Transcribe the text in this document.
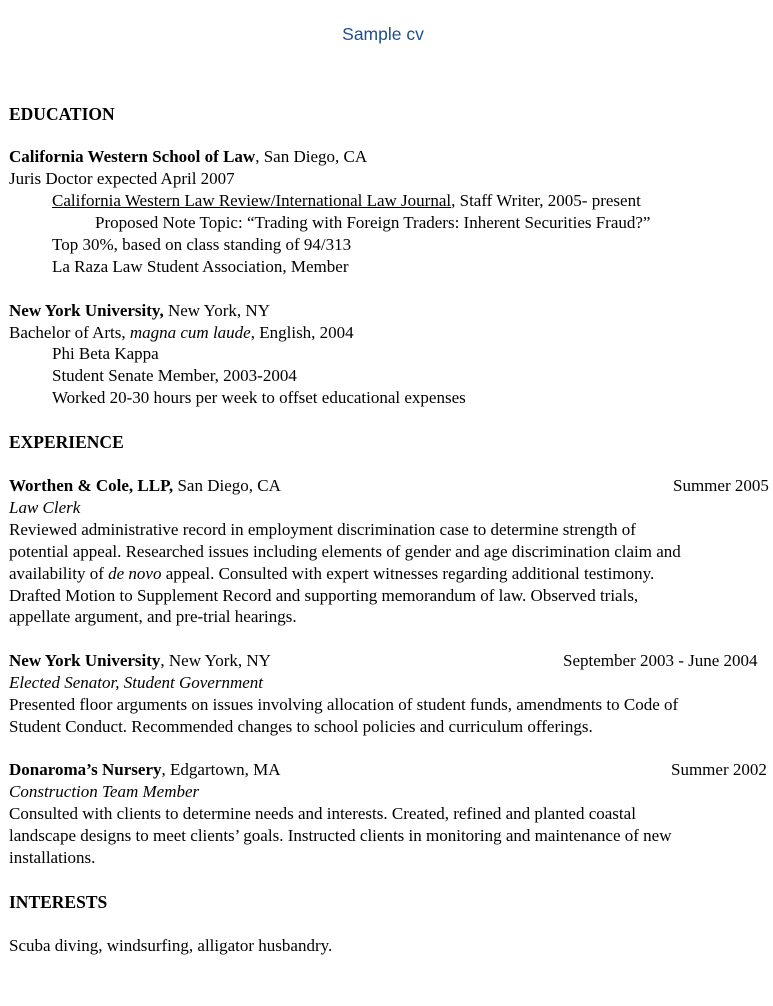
Sample cv
EDUCATION
California Western School of Law, San Diego, CA
Juris Doctor expected April 2007
California Western Law Review/International Law Journal, Staff Writer, 2005- present
Proposed Note Topic: “Trading with Foreign Traders: Inherent Securities Fraud?”
Top 30%, based on class standing of 94/313
La Raza Law Student Association, Member
New York University, New York, NY
Bachelor of Arts, magna cum laude, English, 2004
Phi Beta Kappa
Student Senate Member, 2003-2004
Worked 20-30 hours per week to offset educational expenses
EXPERIENCE
Worthen & Cole, LLP, San Diego, CA	Summer 2005
Law Clerk
Reviewed administrative record in employment discrimination case to determine strength of
potential appeal. Researched issues including elements of gender and age discrimination claim and
availability of de novo appeal. Consulted with expert witnesses regarding additional testimony.
Drafted Motion to Supplement Record and supporting memorandum of law. Observed trials,
appellate argument, and pre-trial hearings.
New York University, New York, NY	September 2003 - June 2004
Elected Senator, Student Government
Presented floor arguments on issues involving allocation of student funds, amendments to Code of
Student Conduct. Recommended changes to school policies and curriculum offerings.
Donaroma’s Nursery, Edgartown, MA	Summer 2002
Construction Team Member
Consulted with clients to determine needs and interests. Created, refined and planted coastal
landscape designs to meet clients’ goals. Instructed clients in monitoring and maintenance of new
installations.
INTERESTS
Scuba diving, windsurfing, alligator husbandry.
